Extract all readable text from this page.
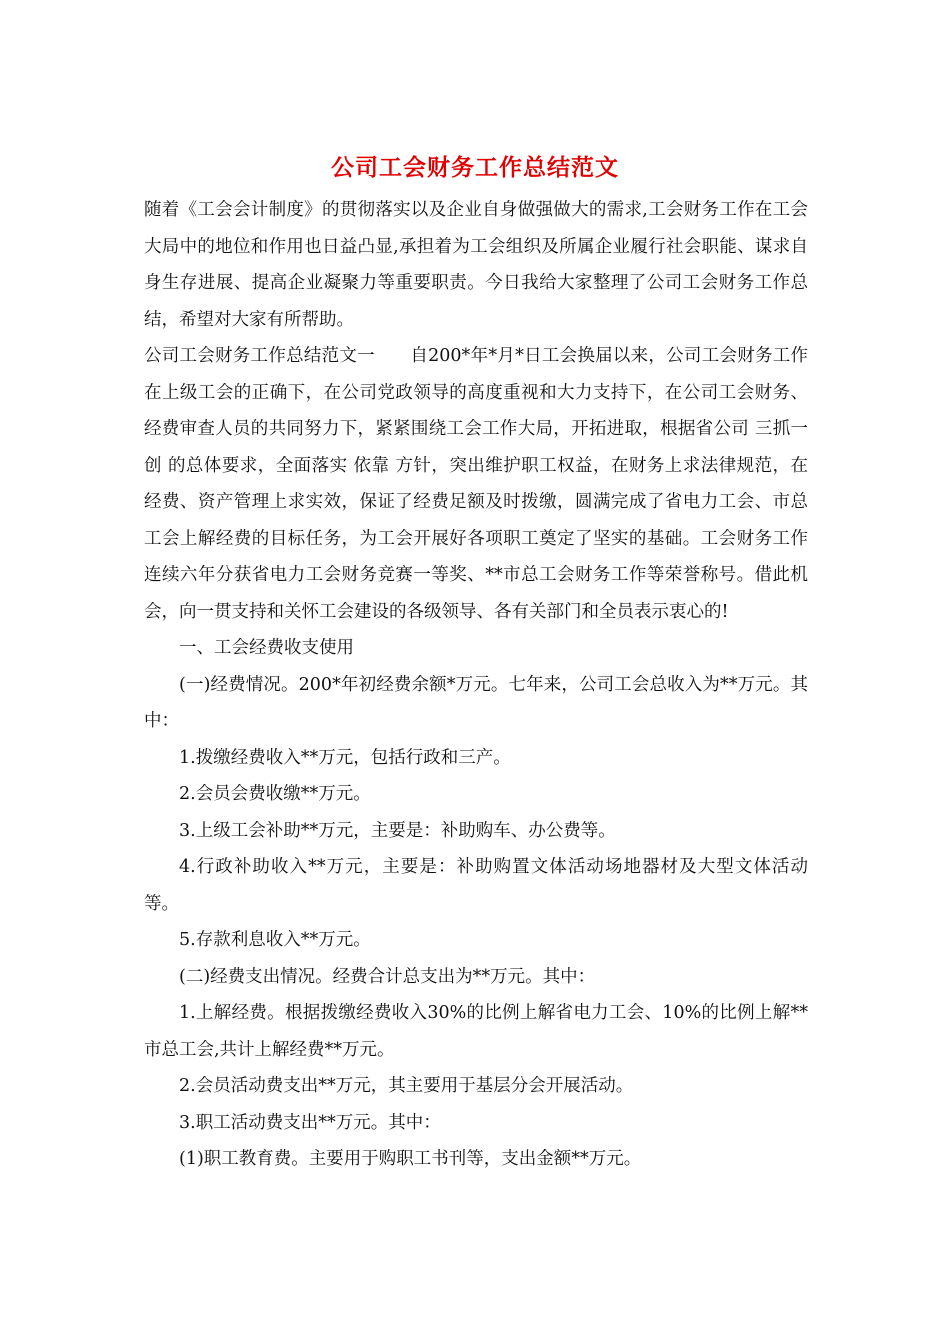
公司工会财务工作总结范文

随着《工会会计制度》的贯彻落实以及企业自身做强做大的需求,工会财务工作在工会大局中的地位和作用也日益凸显,承担着为工会组织及所属企业履行社会职能、谋求自身生存进展、提高企业凝聚力等重要职责。今日我给大家整理了公司工会财务工作总结，希望对大家有所帮助。

公司工会财务工作总结范文一　　自200*年*月*日工会换届以来，公司工会财务工作在上级工会的正确下，在公司党政领导的高度重视和大力支持下，在公司工会财务、经费审查人员的共同努力下，紧紧围绕工会工作大局，开拓进取，根据省公司 三抓一创 的总体要求，全面落实 依靠 方针，突出维护职工权益，在财务上求法律规范，在经费、资产管理上求实效，保证了经费足额及时拨缴，圆满完成了省电力工会、市总工会上解经费的目标任务，为工会开展好各项职工奠定了坚实的基础。工会财务工作连续六年分获省电力工会财务竞赛一等奖、**市总工会财务工作等荣誉称号。借此机会，向一贯支持和关怀工会建设的各级领导、各有关部门和全员表示衷心的!

一、工会经费收支使用

(一)经费情况。200*年初经费余额*万元。七年来，公司工会总收入为**万元。其中：

1.拨缴经费收入**万元，包括行政和三产。

2.会员会费收缴**万元。

3.上级工会补助**万元，主要是：补助购车、办公费等。

4.行政补助收入**万元，主要是：补助购置文体活动场地器材及大型文体活动等。

5.存款利息收入**万元。

(二)经费支出情况。经费合计总支出为**万元。其中：

1.上解经费。根据拨缴经费收入30%的比例上解省电力工会、10%的比例上解**市总工会,共计上解经费**万元。

2.会员活动费支出**万元，其主要用于基层分会开展活动。

3.职工活动费支出**万元。其中：

(1)职工教育费。主要用于购职工书刊等，支出金额**万元。
